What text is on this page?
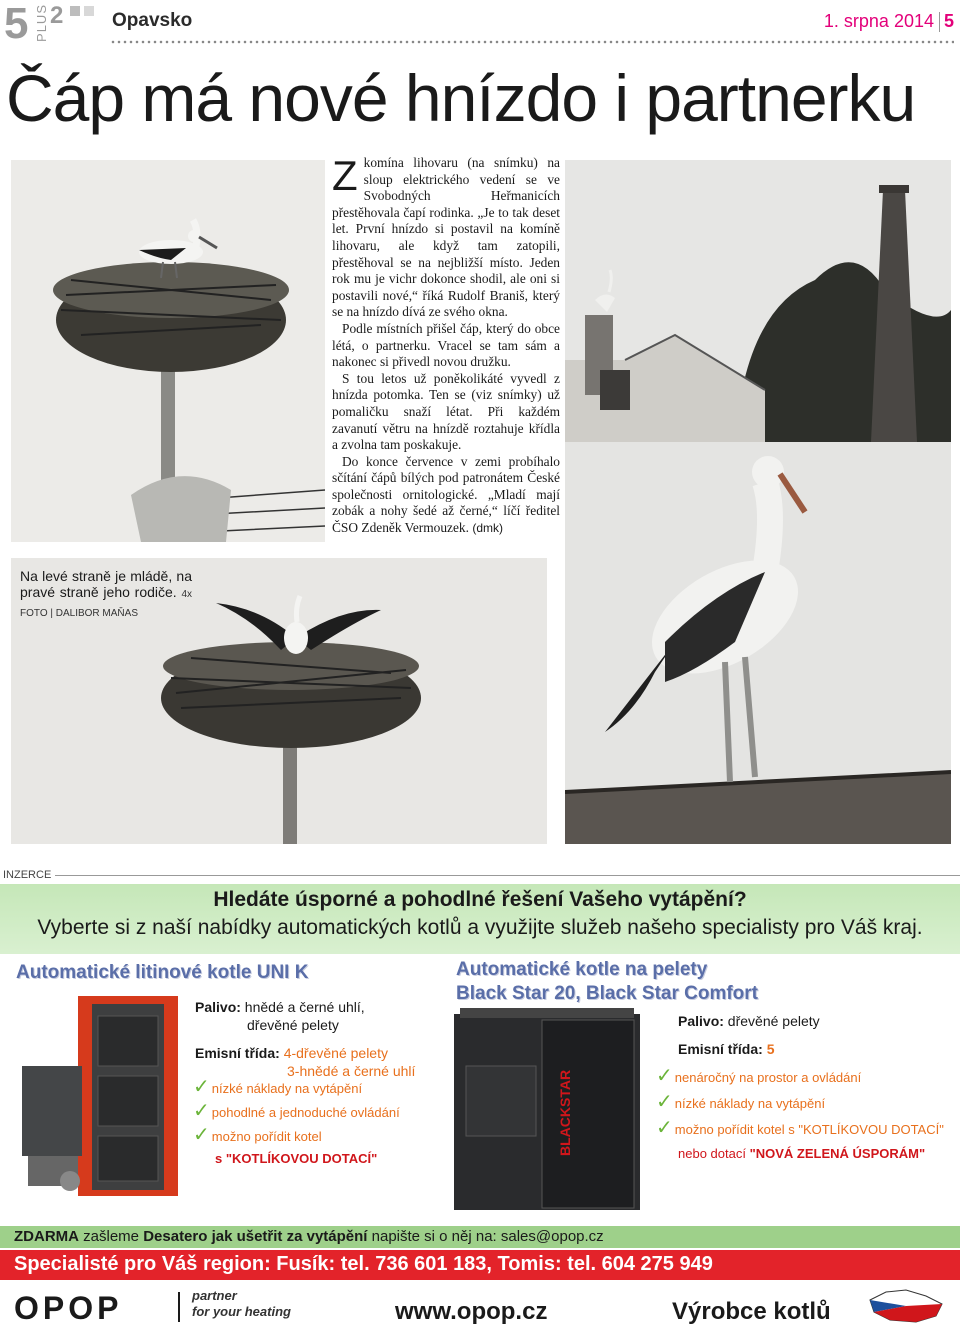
5 PLUS 2	Opavsko	1. srpna 2014 5
Čáp má nové hnízdo i partnerku

Z komína lihovaru (na snímku) na sloup elektrického vedení se ve Svobodných Heřmanicích přestěhovala čapí rodinka. „Je to tak deset let. První hnízdo si postavil na komíně lihovaru, ale když tam zatopili, přestěhoval se na nejbližší místo. Jeden rok mu je vichr dokonce shodil, ale oni si postavili nové,“ říká Rudolf Braniš, který se na hnízdo dívá ze svého okna.

Podle místních přišel čáp, který do obce létá, o partnerku. Vracel se tam sám a nakonec si přivedl novou družku.

S tou letos už poněkolikáté vyvedl z hnízda potomka. Ten se (viz snímky) už pomaličku snaží létat. Při každém zavanutí větru na hnízdě roztahuje křídla a zvolna tam poskakuje.

Do konce července v zemi probíhalo sčítání čápů bílých pod patronátem České společnosti ornitologické. „Mladí mají zobák a nohy šedé až černé,“ líčí ředitel ČSO Zdeněk Vermouzek. (dmk)

Na levé straně je mládě, na pravé straně jeho rodiče. 4x FOTO | DALIBOR MAŇAS
INZERCE
Hledáte úsporné a pohodlné řešení Vašeho vytápění?
Vyberte si z naší nabídky automatických kotlů a využijte služeb našeho specialisty pro Váš kraj.
Automatické litinové kotle UNI K
Palivo: hnědé a černé uhlí,
dřevěné pelety
Emisní třída: 4-dřevěné pelety
3-hnědé a černé uhlí
✓ nízké náklady na vytápění
✓ pohodlné a jednoduché ovládání
✓ možno pořídit kotel
s "KOTLÍKOVOU DOTACÍ"
Automatické kotle na pelety
Black Star 20, Black Star Comfort
BLACKSTAR
Palivo: dřevěné pelety
Emisní třída: 5
✓ nenáročný na prostor a ovládání
✓ nízké náklady na vytápění
✓ možno pořídit kotel s "KOTLÍKOVOU DOTACÍ"
nebo dotací "NOVÁ ZELENÁ ÚSPORÁM"
ZDARMA zašleme Desatero jak ušetřit za vytápění napište si o něj na: sales@opop.cz
Specialisté pro Váš region: Fusík: tel. 736 601 183, Tomis: tel. 604 275 949
OPOP	partner
for your heating	www.opop.cz	Výrobce kotlů
